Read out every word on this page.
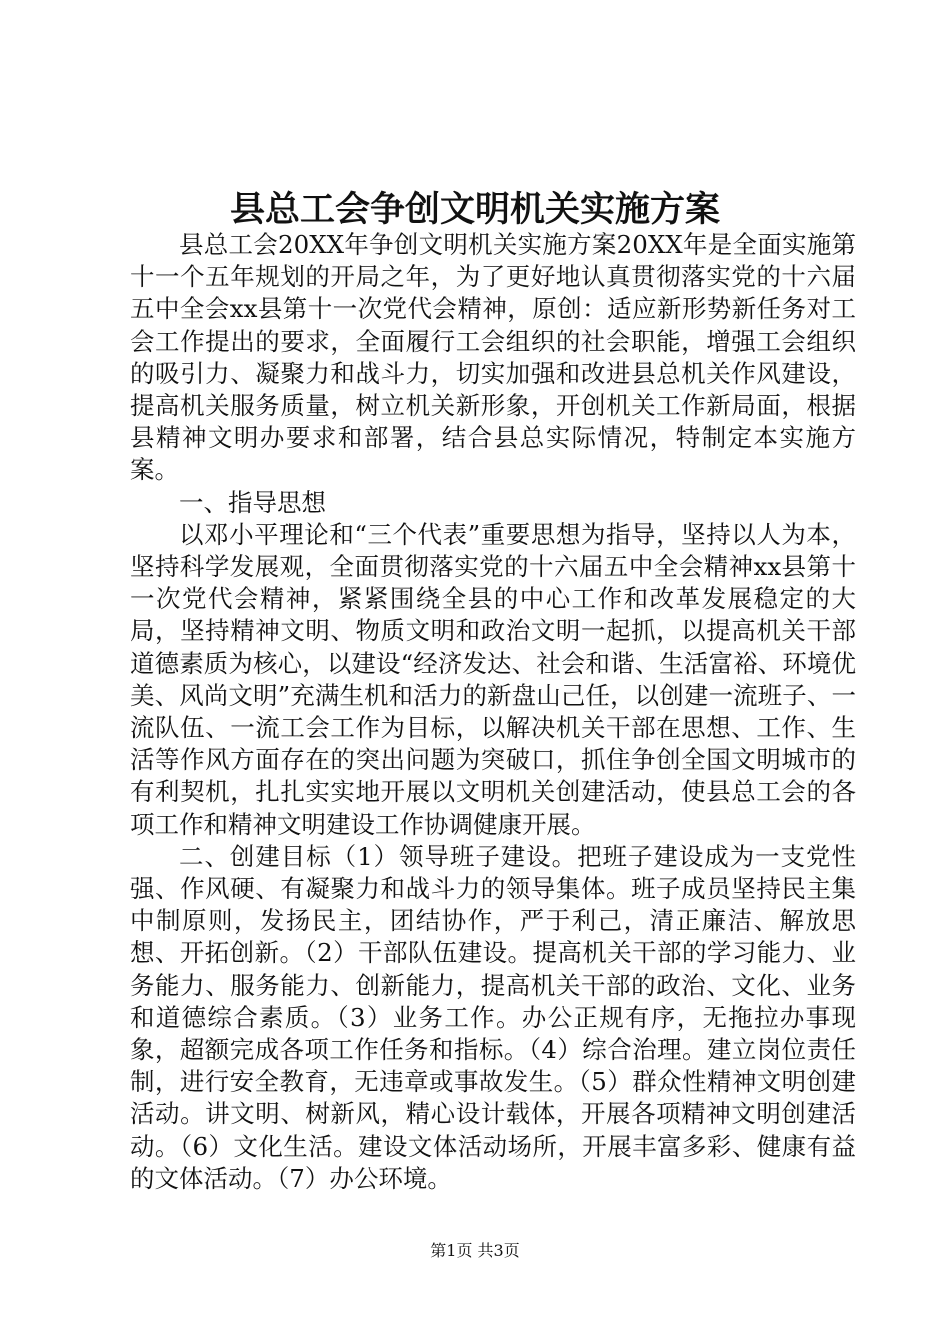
县总工会争创文明机关实施方案

县总工会20XX年争创文明机关实施方案20XX年是全面实施第十一个五年规划的开局之年，为了更好地认真贯彻落实党的十六届五中全会xx县第十一次党代会精神，原创：适应新形势新任务对工会工作提出的要求，全面履行工会组织的社会职能，增强工会组织的吸引力、凝聚力和战斗力，切实加强和改进县总机关作风建设，提高机关服务质量，树立机关新形象，开创机关工作新局面，根据县精神文明办要求和部署，结合县总实际情况，特制定本实施方案。

一、指导思想

以邓小平理论和“三个代表”重要思想为指导，坚持以人为本，坚持科学发展观，全面贯彻落实党的十六届五中全会精神xx县第十一次党代会精神，紧紧围绕全县的中心工作和改革发展稳定的大局，坚持精神文明、物质文明和政治文明一起抓，以提高机关干部道德素质为核心，以建设“经济发达、社会和谐、生活富裕、环境优美、风尚文明”充满生机和活力的新盘山己任，以创建一流班子、一流队伍、一流工会工作为目标，以解决机关干部在思想、工作、生活等作风方面存在的突出问题为突破口，抓住争创全国文明城市的有利契机，扎扎实实地开展以文明机关创建活动，使县总工会的各项工作和精神文明建设工作协调健康开展。

二、创建目标（1）领导班子建设。把班子建设成为一支党性强、作风硬、有凝聚力和战斗力的领导集体。班子成员坚持民主集中制原则，发扬民主，团结协作，严于利己，清正廉洁、解放思想、开拓创新。（2）干部队伍建设。提高机关干部的学习能力、业务能力、服务能力、创新能力，提高机关干部的政治、文化、业务和道德综合素质。（3）业务工作。办公正规有序，无拖拉办事现象，超额完成各项工作任务和指标。（4）综合治理。建立岗位责任制，进行安全教育，无违章或事故发生。（5）群众性精神文明创建活动。讲文明、树新风，精心设计载体，开展各项精神文明创建活动。（6）文化生活。建设文体活动场所，开展丰富多彩、健康有益的文体活动。（7）办公环境。

第1页 共3页
